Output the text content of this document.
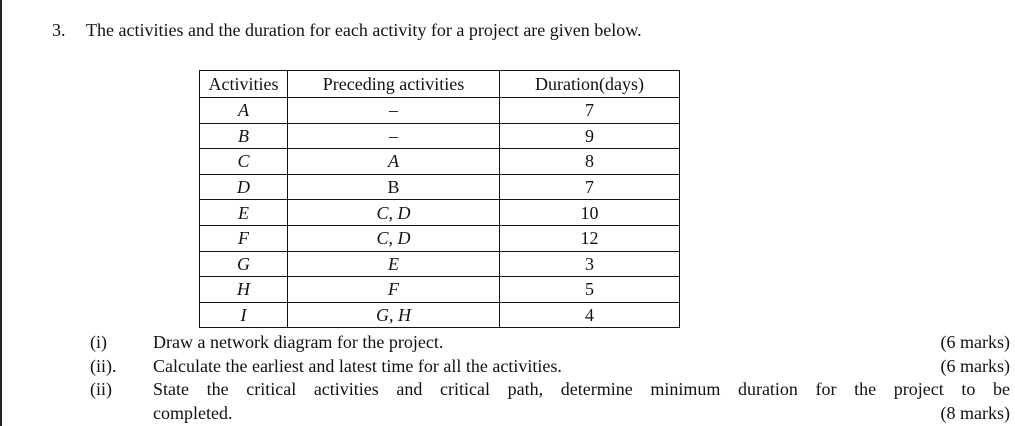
3. The activities and the duration for each activity for a project are given below.
Activities	Preceding activities	Duration(days)
A	–	7
B	–	9
C	A	8
D	B	7
E	C, D	10
F	C, D	12
G	E	3
H	F	5
I	G, H	4
(i)	Draw a network diagram for the project.	(6 marks)
(ii). Calculate the earliest and latest time for all the activities.	(6 marks)
(ii) State the critical activities and critical path, determine minimum duration for the project to be
completed.	(8 marks)
